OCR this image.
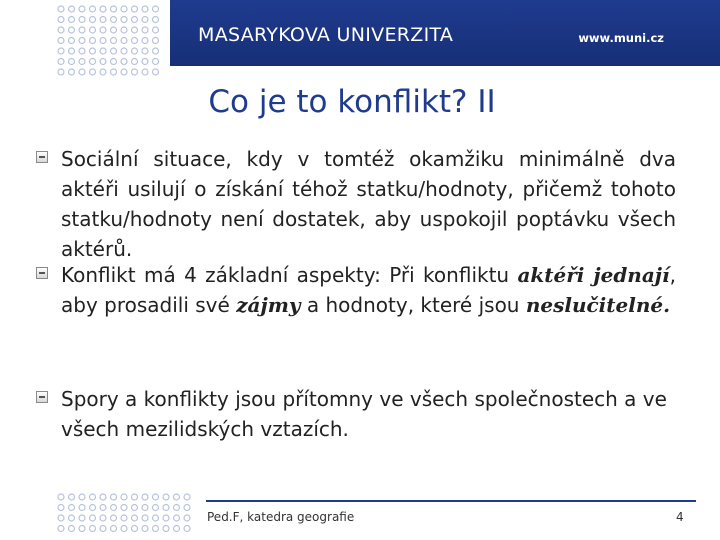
MASARYKOVA UNIVERZITA	www.muni.cz
Co je to konflikt? II
Sociální situace, kdy v tomtéž okamžiku minimálně dva aktéři usilují o získání téhož statku/hodnoty, přičemž tohoto statku/hodnoty není dostatek, aby uspokojil poptávku všech aktérů.
Konflikt má 4 základní aspekty: Při konfliktu aktéři jednají, aby prosadili své zájmy a hodnoty, které jsou neslučitelné.
Spory a konflikty jsou přítomny ve všech společnostech a ve všech mezilidských vztazích.
Ped.F, katedra geografie	4
